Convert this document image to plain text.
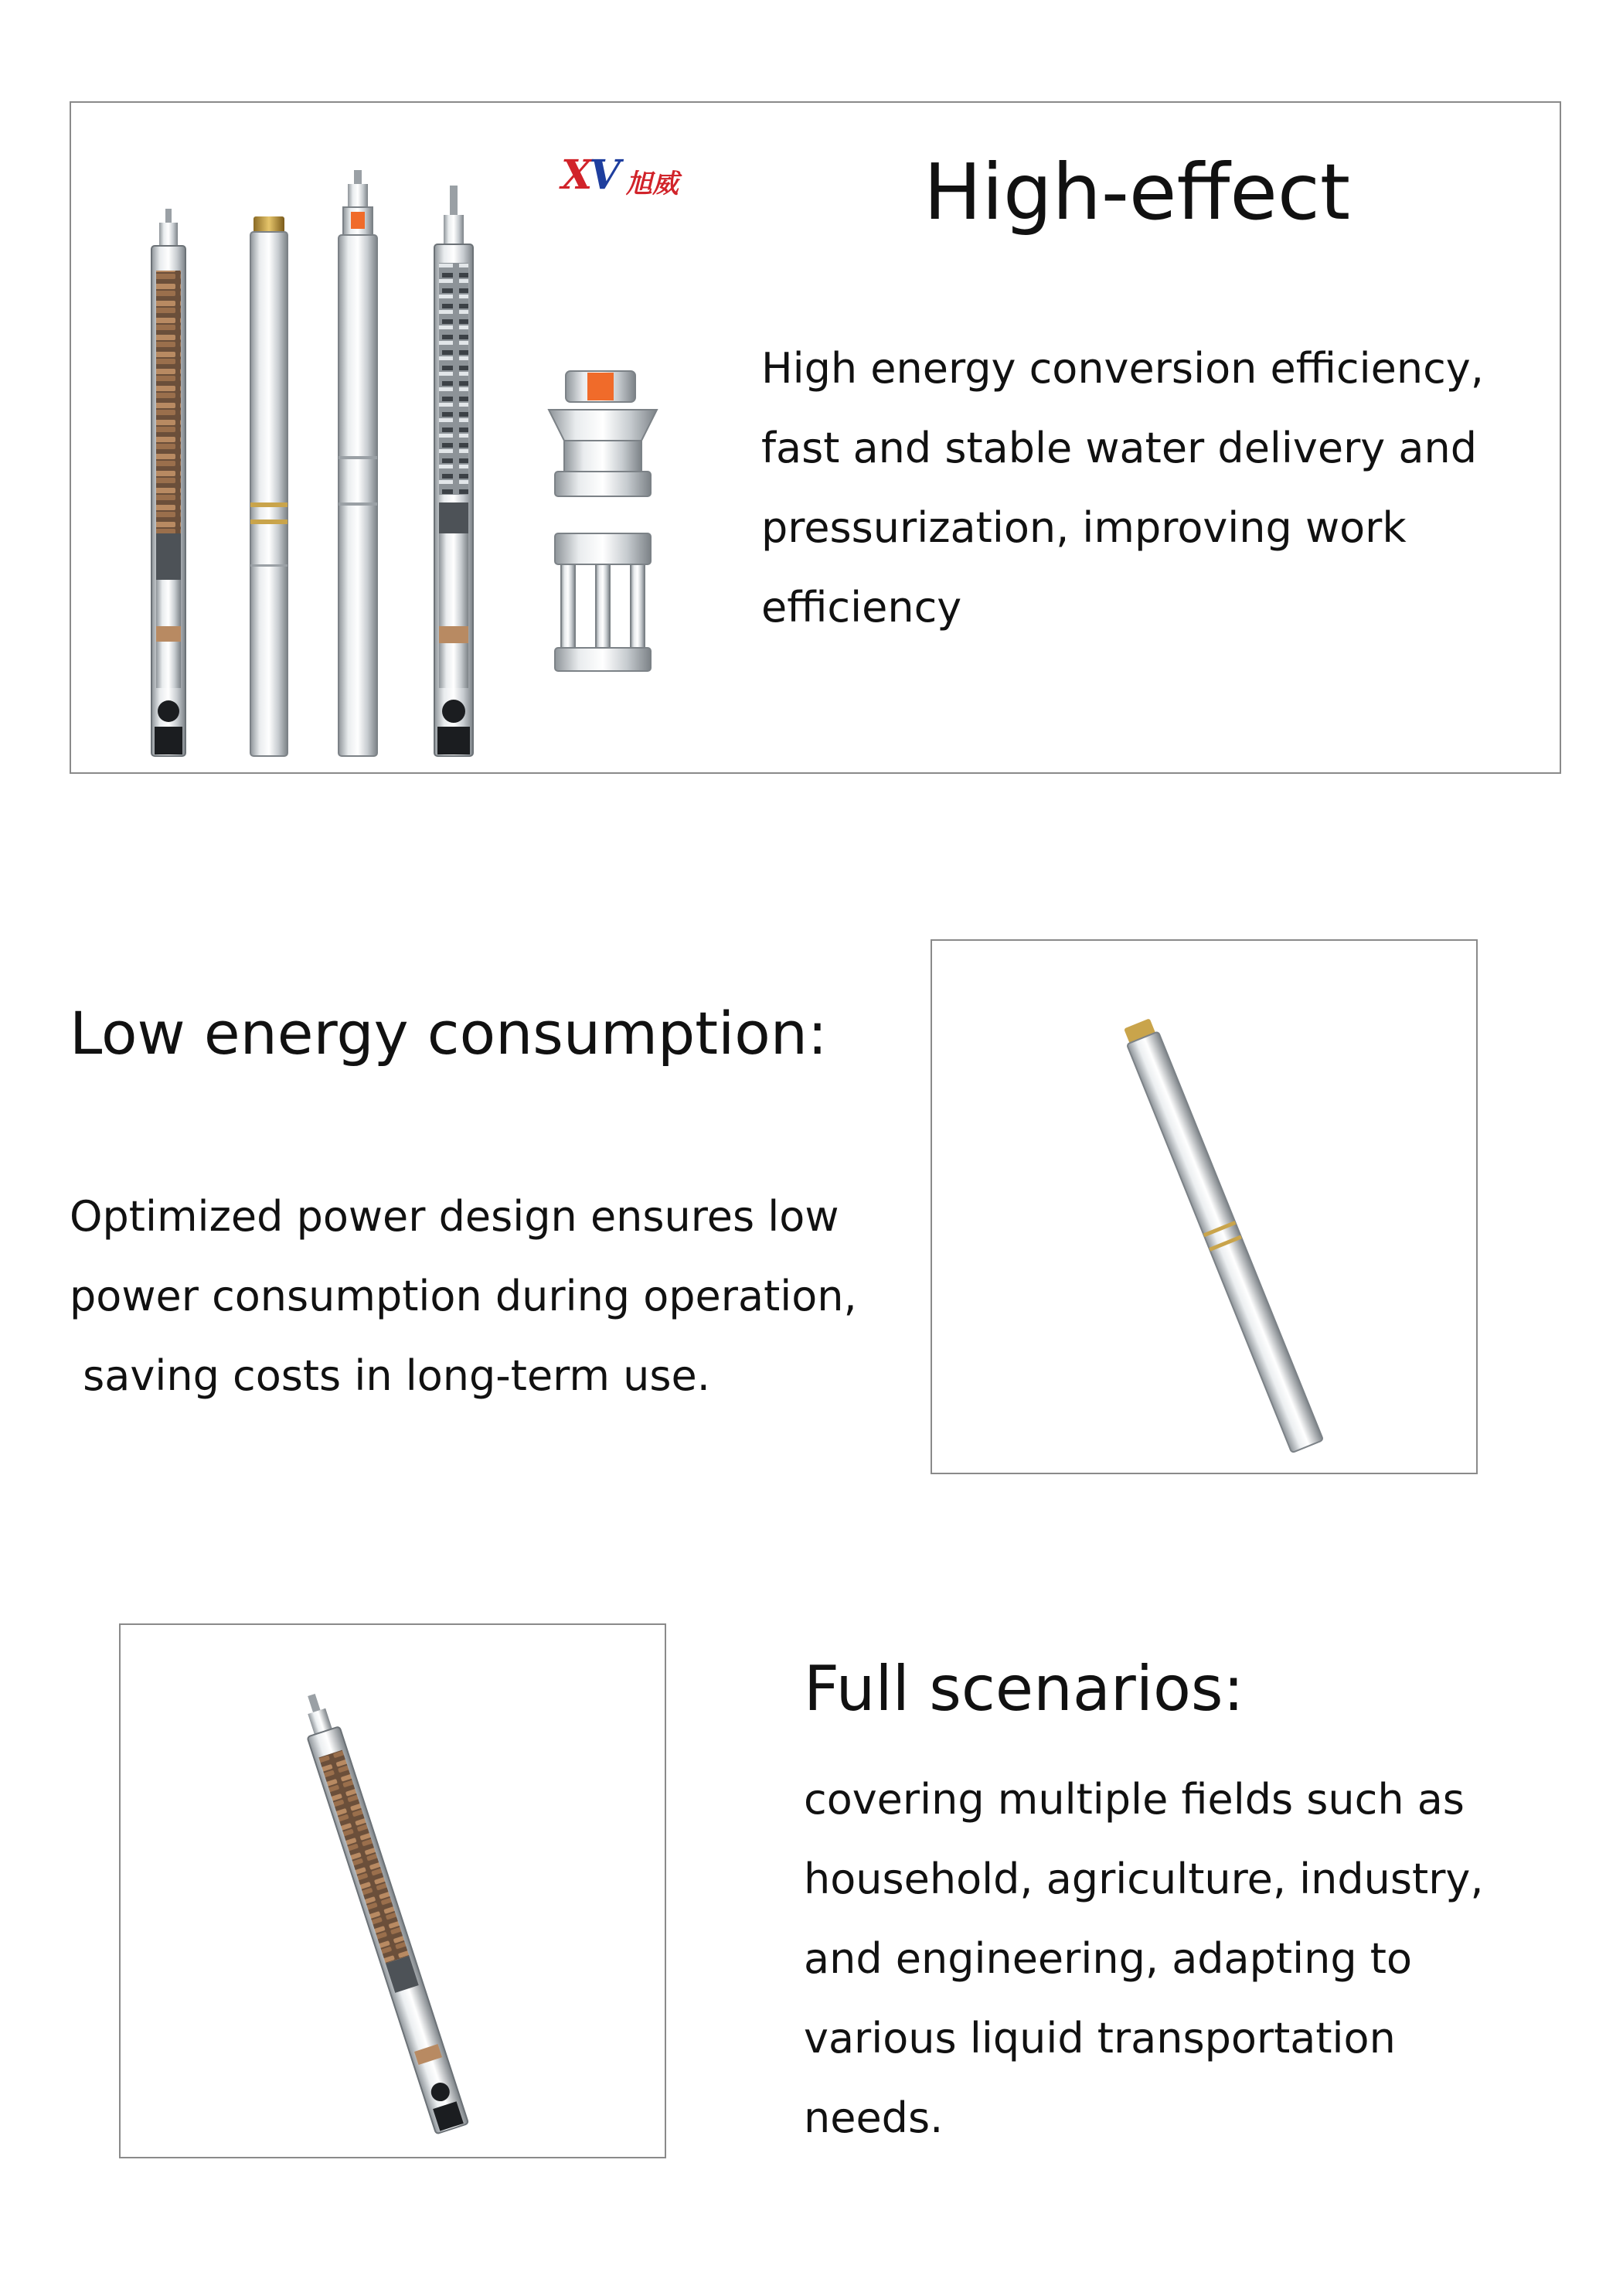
XV 旭威	High-effect
High energy conversion efficiency,
fast and stable water delivery and
pressurization, improving work
efficiency
Low energy consumption:
Optimized power design ensures low
power consumption during operation,
saving costs in long-term use.
Full scenarios:
covering multiple fields such as
household, agriculture, industry,
and engineering, adapting to
various liquid transportation
needs.
